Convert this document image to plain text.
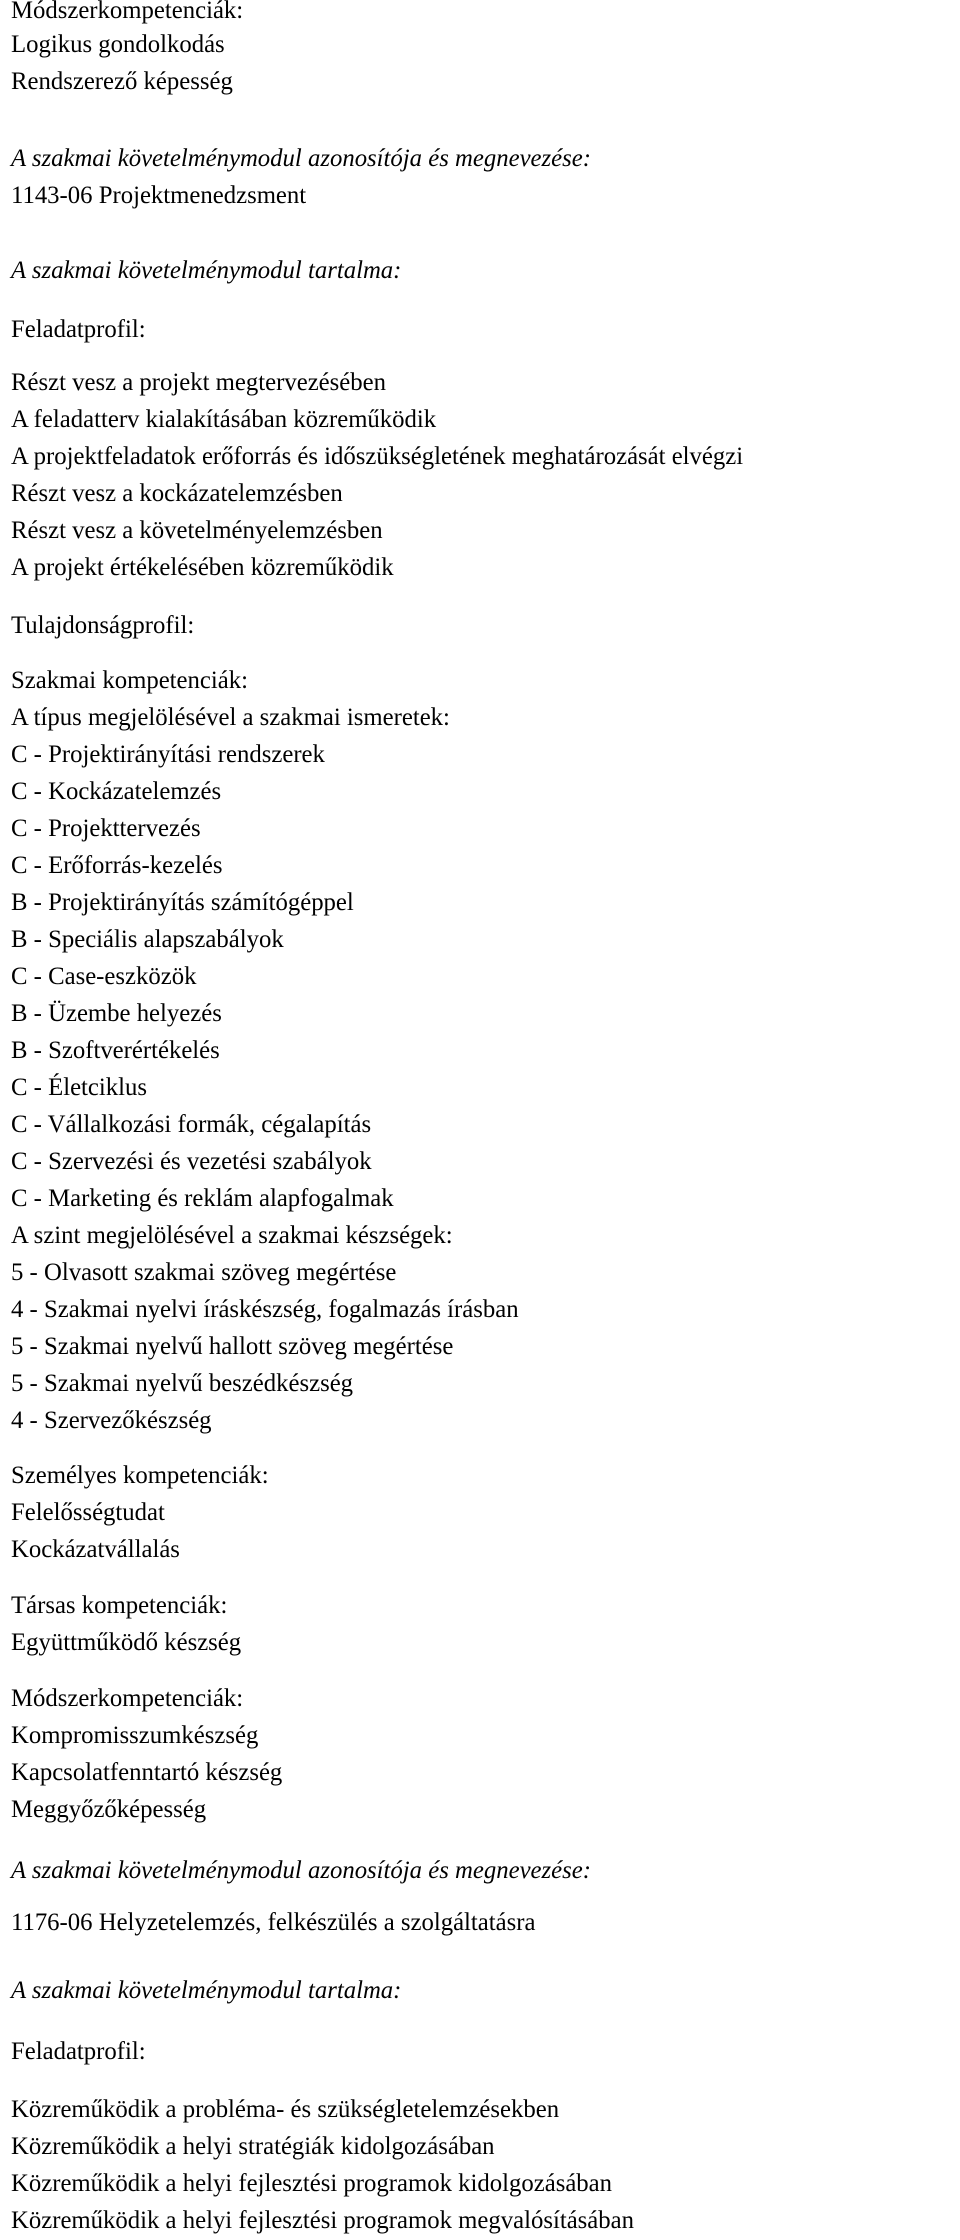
Módszerkompetenciák:
Logikus gondolkodás
Rendszerező képesség
A szakmai követelménymodul azonosítója és megnevezése:
1143-06 Projektmenedzsment
A szakmai követelménymodul tartalma:
Feladatprofil:
Részt vesz a projekt megtervezésében
A feladatterv kialakításában közreműködik
A projektfeladatok erőforrás és időszükségletének meghatározását elvégzi
Részt vesz a kockázatelemzésben
Részt vesz a követelményelemzésben
A projekt értékelésében közreműködik
Tulajdonságprofil:
Szakmai kompetenciák:
A típus megjelölésével a szakmai ismeretek:
C - Projektirányítási rendszerek
C - Kockázatelemzés
C - Projekttervezés
C - Erőforrás-kezelés
B - Projektirányítás számítógéppel
B - Speciális alapszabályok
C - Case-eszközök
B - Üzembe helyezés
B - Szoftverértékelés
C - Életciklus
C - Vállalkozási formák, cégalapítás
C - Szervezési és vezetési szabályok
C - Marketing és reklám alapfogalmak
A szint megjelölésével a szakmai készségek:
5 - Olvasott szakmai szöveg megértése
4 - Szakmai nyelvi íráskészség, fogalmazás írásban
5 - Szakmai nyelvű hallott szöveg megértése
5 - Szakmai nyelvű beszédkészség
4 - Szervezőkészség
Személyes kompetenciák:
Felelősségtudat
Kockázatvállalás
Társas kompetenciák:
Együttműködő készség
Módszerkompetenciák:
Kompromisszumkészség
Kapcsolatfenntartó készség
Meggyőzőképesség
A szakmai követelménymodul azonosítója és megnevezése:
1176-06 Helyzetelemzés, felkészülés a szolgáltatásra
A szakmai követelménymodul tartalma:
Feladatprofil:
Közreműködik a probléma- és szükségletelemzésekben
Közreműködik a helyi stratégiák kidolgozásában
Közreműködik a helyi fejlesztési programok kidolgozásában
Közreműködik a helyi fejlesztési programok megvalósításában
